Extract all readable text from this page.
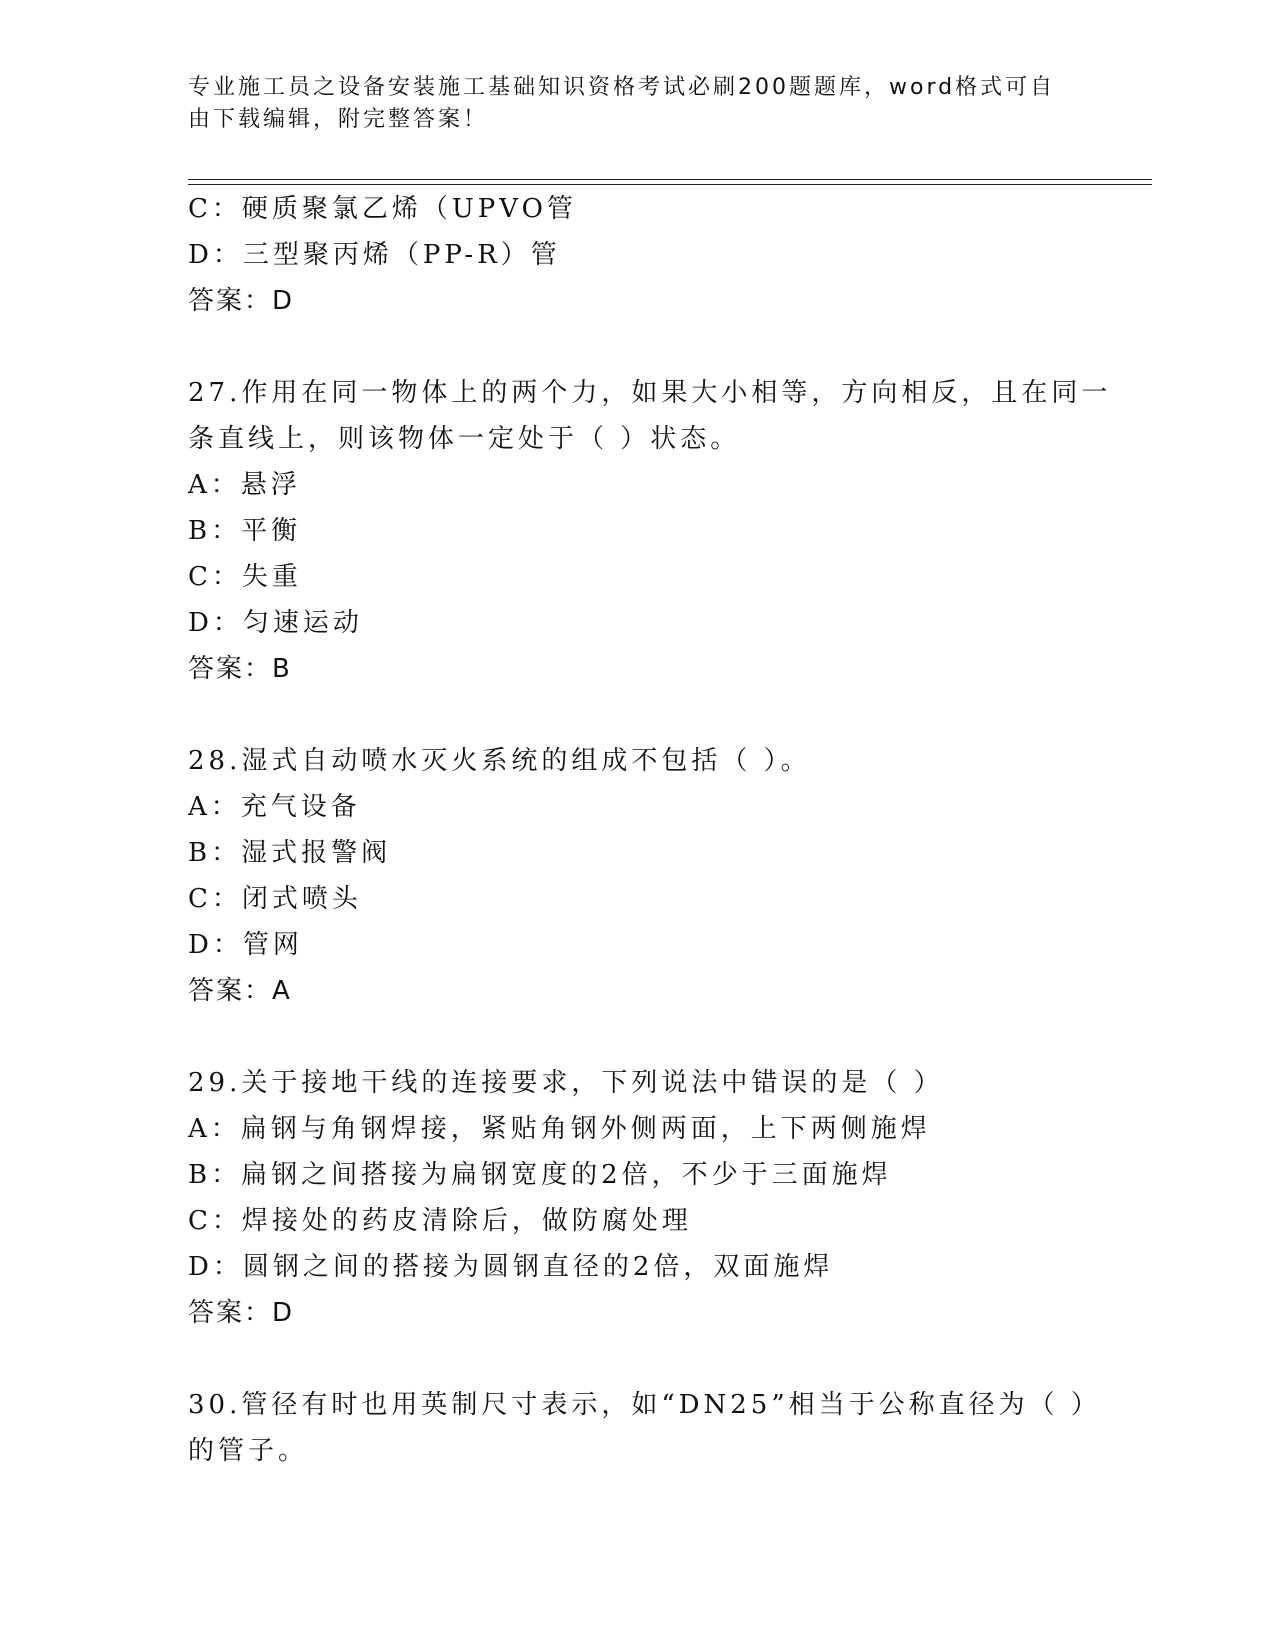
专业施工员之设备安装施工基础知识资格考试必刷200题题库，word格式可自由下载编辑，附完整答案！
C：硬质聚氯乙烯（UPVO管
D：三型聚丙烯（PP-R）管
答案：D
27.作用在同一物体上的两个力，如果大小相等，方向相反，且在同一
条直线上，则该物体一定处于（ ）状态。
A：悬浮
B：平衡
C：失重
D：匀速运动
答案：B
28.湿式自动喷水灭火系统的组成不包括（ ）。
A：充气设备
B：湿式报警阀
C：闭式喷头
D：管网
答案：A
29.关于接地干线的连接要求，下列说法中错误的是（ ）
A：扁钢与角钢焊接，紧贴角钢外侧两面，上下两侧施焊
B：扁钢之间搭接为扁钢宽度的2倍，不少于三面施焊
C：焊接处的药皮清除后，做防腐处理
D：圆钢之间的搭接为圆钢直径的2倍，双面施焊
答案：D
30.管径有时也用英制尺寸表示，如“DN25”相当于公称直径为（ ）
的管子。
